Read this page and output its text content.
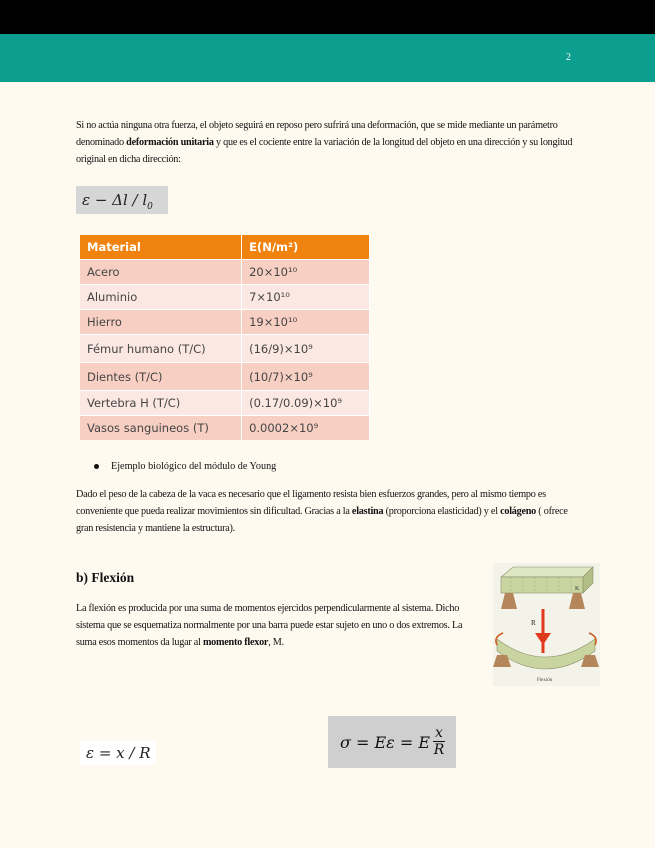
2

Si no actúa ninguna otra fuerza, el objeto seguirá en reposo pero sufrirá una deformación, que se mide mediante un parámetro denominado deformación unitaria y que es el cociente entre la variación de la longitud del objeto en una dirección y su longitud original en dicha dirección:

$\varepsilon - \Delta l / l_0$
Material	E(N/m²)
Acero	20×10¹⁰
Aluminio	7×10¹⁰
Hierro	19×10¹⁰
Fémur humano (T/C)	(16/9)×10⁹
Dientes (T/C)	(10/7)×10⁹
Vertebra H (T/C)	(0.17/0.09)×10⁹
Vasos sanguineos (T)	0.0002×10⁹
Ejemplo biológico del módulo de Young

Dado el peso de la cabeza de la vaca es necesario que el ligamento resista bien esfuerzos grandes, pero al mismo tiempo es conveniente que pueda realizar movimientos sin dificultad. Gracias a la elastina (proporciona elasticidad) y el colágeno ( ofrece gran resistencia y mantiene la estructura).

b) Flexión

La flexión es producida por una suma de momentos ejercidos perpendicularmente al sistema. Dicho sistema que se esquematiza normalmente por una barra puede estar sujeto en uno o dos extremos. La suma esos momentos da lugar al momento flexor, M.

K
R
Flexión
ε = x / R
σ = Eε = E $\frac{x}{R}$
